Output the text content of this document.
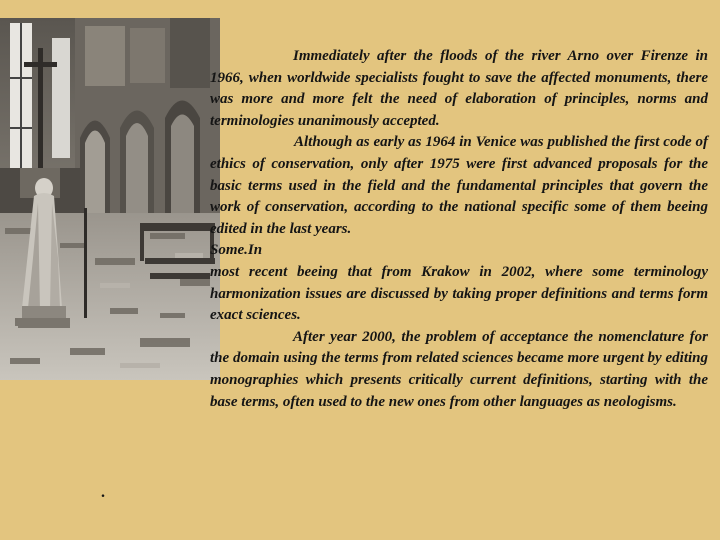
Immediately after the floods of the river Arno over Firenze in 1966, when worldwide specialists fought to save the affected monuments, there was more and more felt the need of elaboration of principles, norms and terminologies unanimously accepted.

Although as early as 1964 in Venice was published the first code of ethics of conservation, only after 1975 were first advanced proposals for the basic terms used in the field and the fundamental principles that govern the work of conservation, according to the national specific some of them beeing edited in the last years.

Some.In

most recent beeing that from Krakow in 2002, where some terminology harmonization issues are discussed by taking proper definitions and terms form exact sciences.

After year 2000, the problem of acceptance the nomenclature for the domain using the terms from related sciences became more urgent by editing monographies which presents critically current definitions, starting with the base terms, often used to the new ones from other languages as neologisms.

.
